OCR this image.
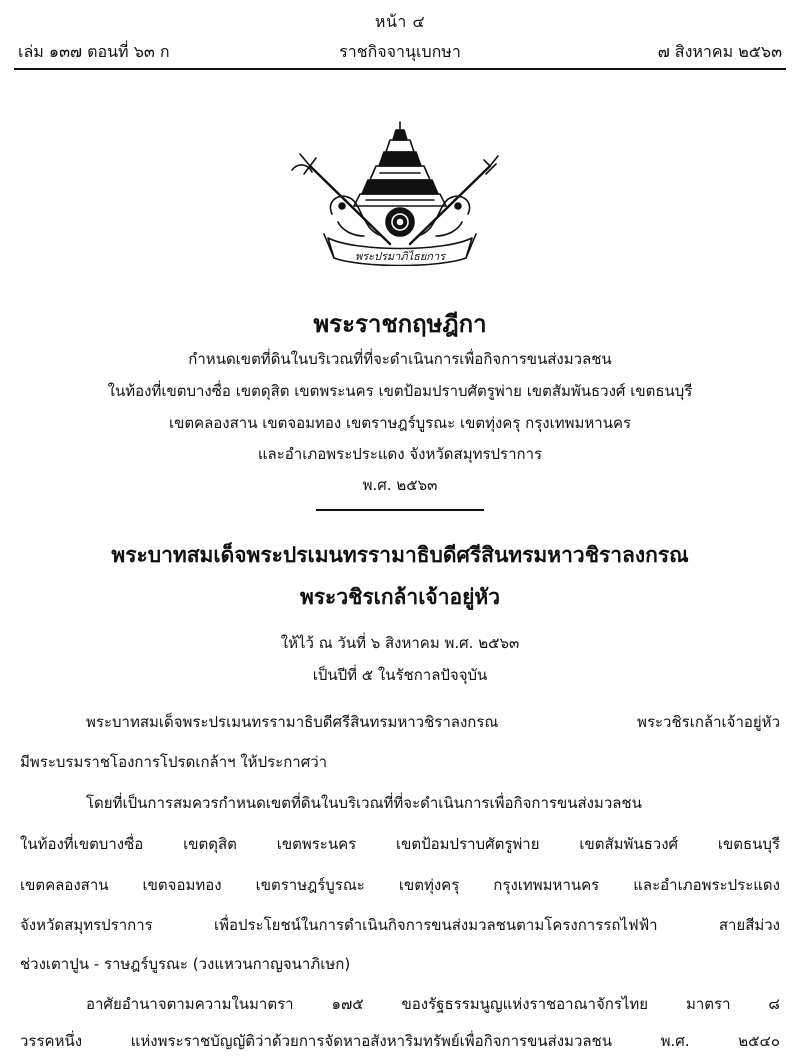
หน้า ๔
ราชกิจจานุเบกษา
เล่ม ๑๓๗ ตอนที่ ๖๓ ก	๗ สิงหาคม ๒๕๖๓
พระปรมาภิไธยการ
พระราชกฤษฎีกา
กำหนดเขตที่ดินในบริเวณที่ที่จะดำเนินการเพื่อกิจการขนส่งมวลชน
ในท้องที่เขตบางซื่อ เขตดุสิต เขตพระนคร เขตป้อมปราบศัตรูพ่าย เขตสัมพันธวงศ์ เขตธนบุรี
เขตคลองสาน เขตจอมทอง เขตราษฎร์บูรณะ เขตทุ่งครุ กรุงเทพมหานคร
และอำเภอพระประแดง จังหวัดสมุทรปราการ
พ.ศ. ๒๕๖๓
พระบาทสมเด็จพระปรเมนทรรามาธิบดีศรีสินทรมหาวชิราลงกรณ
พระวชิรเกล้าเจ้าอยู่หัว
ให้ไว้ ณ วันที่ ๖ สิงหาคม พ.ศ. ๒๕๖๓
เป็นปีที่ ๕ ในรัชกาลปัจจุบัน
พระบาทสมเด็จพระปรเมนทรรามาธิบดีศรีสินทรมหาวชิราลงกรณ พระวชิรเกล้าเจ้าอยู่หัว
มีพระบรมราชโองการโปรดเกล้าฯ ให้ประกาศว่า
โดยที่เป็นการสมควรกำหนดเขตที่ดินในบริเวณที่ที่จะดำเนินการเพื่อกิจการขนส่งมวลชน
ในท้องที่เขตบางซื่อ เขตดุสิต เขตพระนคร เขตป้อมปราบศัตรูพ่าย เขตสัมพันธวงศ์ เขตธนบุรี
เขตคลองสาน เขตจอมทอง เขตราษฎร์บูรณะ เขตทุ่งครุ กรุงเทพมหานคร และอำเภอพระประแดง
จังหวัดสมุทรปราการ เพื่อประโยชน์ในการดำเนินกิจการขนส่งมวลชนตามโครงการรถไฟฟ้า สายสีม่วง
ช่วงเตาปูน - ราษฎร์บูรณะ (วงแหวนกาญจนาภิเษก)
อาศัยอำนาจตามความในมาตรา ๑๗๕ ของรัฐธรรมนูญแห่งราชอาณาจักรไทย มาตรา ๘
วรรคหนึ่ง แห่งพระราชบัญญัติว่าด้วยการจัดหาอสังหาริมทรัพย์เพื่อกิจการขนส่งมวลชน พ.ศ. ๒๕๔๐
